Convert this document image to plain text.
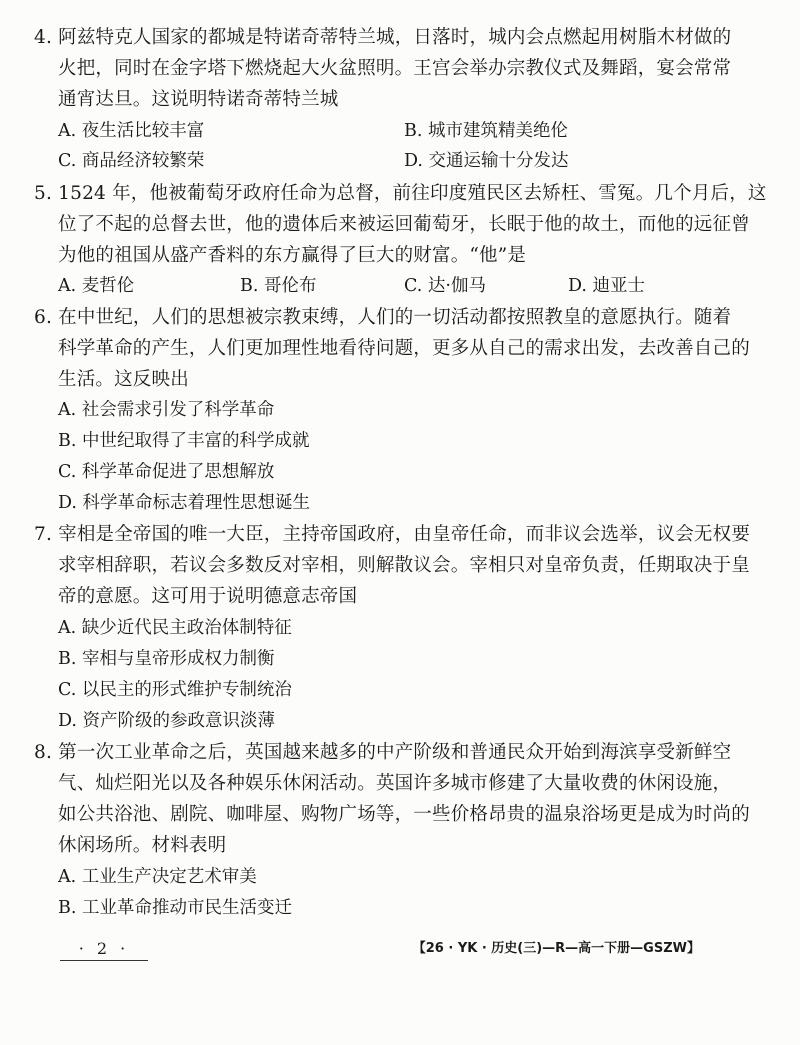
4. 阿兹特克人国家的都城是特诺奇蒂特兰城，日落时，城内会点燃起用树脂木材做的
火把，同时在金字塔下燃烧起大火盆照明。王宫会举办宗教仪式及舞蹈，宴会常常
通宵达旦。这说明特诺奇蒂特兰城
A. 夜生活比较丰富	B. 城市建筑精美绝伦
C. 商品经济较繁荣	D. 交通运输十分发达
5. 1524 年，他被葡萄牙政府任命为总督，前往印度殖民区去矫枉、雪冤。几个月后，这
位了不起的总督去世，他的遗体后来被运回葡萄牙，长眠于他的故土，而他的远征曾
为他的祖国从盛产香料的东方赢得了巨大的财富。“他”是
A. 麦哲伦	B. 哥伦布	C. 达·伽马	D. 迪亚士
6. 在中世纪，人们的思想被宗教束缚，人们的一切活动都按照教皇的意愿执行。随着
科学革命的产生，人们更加理性地看待问题，更多从自己的需求出发，去改善自己的
生活。这反映出
A. 社会需求引发了科学革命
B. 中世纪取得了丰富的科学成就
C. 科学革命促进了思想解放
D. 科学革命标志着理性思想诞生
7. 宰相是全帝国的唯一大臣，主持帝国政府，由皇帝任命，而非议会选举，议会无权要
求宰相辞职，若议会多数反对宰相，则解散议会。宰相只对皇帝负责，任期取决于皇
帝的意愿。这可用于说明德意志帝国
A. 缺少近代民主政治体制特征
B. 宰相与皇帝形成权力制衡
C. 以民主的形式维护专制统治
D. 资产阶级的参政意识淡薄
8. 第一次工业革命之后，英国越来越多的中产阶级和普通民众开始到海滨享受新鲜空
气、灿烂阳光以及各种娱乐休闲活动。英国许多城市修建了大量收费的休闲设施，
如公共浴池、剧院、咖啡屋、购物广场等，一些价格昂贵的温泉浴场更是成为时尚的
休闲场所。材料表明
A. 工业生产决定艺术审美
B. 工业革命推动市民生活变迁
· 2 ·	【26 · YK · 历史(三)—R—高一下册—GSZW】
